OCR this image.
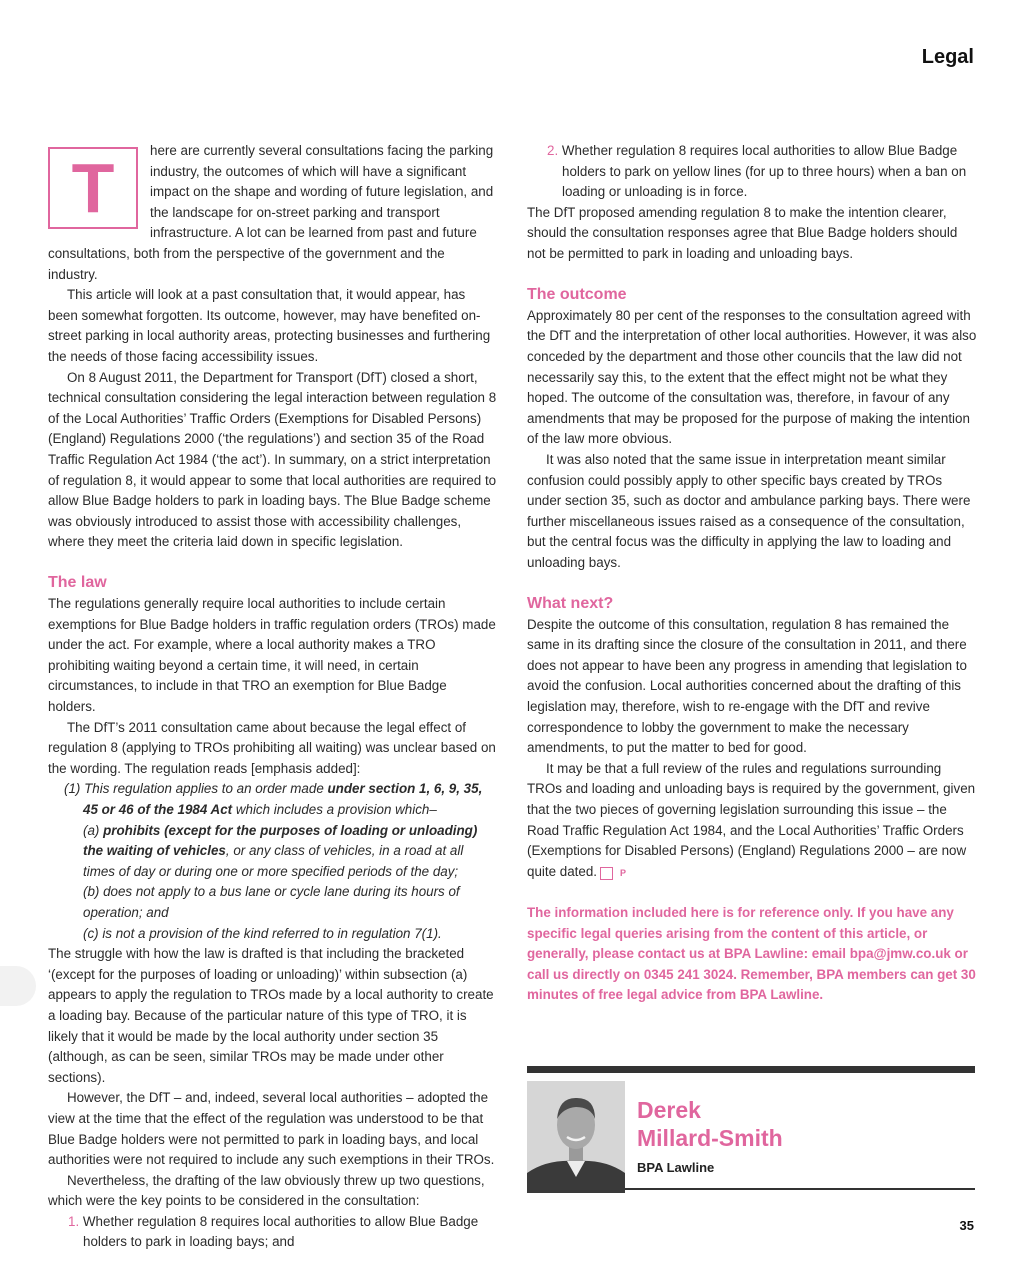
Legal
T	here are currently several consultations facing the parking industry, the outcomes of which will have a significant impact on the shape and wording of future legislation, and the landscape for on-street parking and transport infrastructure. A lot can be learned from past and future consultations, both from the perspective of the government and the industry.

This article will look at a past consultation that, it would appear, has been somewhat forgotten. Its outcome, however, may have benefited on-street parking in local authority areas, protecting businesses and furthering the needs of those facing accessibility issues.

On 8 August 2011, the Department for Transport (DfT) closed a short, technical consultation considering the legal interaction between regulation 8 of the Local Authorities’ Traffic Orders (Exemptions for Disabled Persons) (England) Regulations 2000 (‘the regulations’) and section 35 of the Road Traffic Regulation Act 1984 (‘the act’). In summary, on a strict interpretation of regulation 8, it would appear to some that local authorities are required to allow Blue Badge holders to park in loading bays. The Blue Badge scheme was obviously introduced to assist those with accessibility challenges, where they meet the criteria laid down in specific legislation.

The law

The regulations generally require local authorities to include certain exemptions for Blue Badge holders in traffic regulation orders (TROs) made under the act. For example, where a local authority makes a TRO prohibiting waiting beyond a certain time, it will need, in certain circumstances, to include in that TRO an exemption for Blue Badge holders.

The DfT’s 2011 consultation came about because the legal effect of regulation 8 (applying to TROs prohibiting all waiting) was unclear based on the wording. The regulation reads [emphasis added]:

(1) This regulation applies to an order made under section 1, 6, 9, 35, 45 or 46 of the 1984 Act which includes a provision which–

(a) prohibits (except for the purposes of loading or unloading) the waiting of vehicles, or any class of vehicles, in a road at all times of day or during one or more specified periods of the day;

(b) does not apply to a bus lane or cycle lane during its hours of operation; and

(c) is not a provision of the kind referred to in regulation 7(1).

The struggle with how the law is drafted is that including the bracketed ‘(except for the purposes of loading or unloading)’ within subsection (a) appears to apply the regulation to TROs made by a local authority to create a loading bay. Because of the particular nature of this type of TRO, it is likely that it would be made by the local authority under section 35 (although, as can be seen, similar TROs may be made under other sections).

However, the DfT – and, indeed, several local authorities – adopted the view at the time that the effect of the regulation was understood to be that Blue Badge holders were not permitted to park in loading bays, and local authorities were not required to include any such exemptions in their TROs.

Nevertheless, the drafting of the law obviously threw up two questions, which were the key points to be considered in the consultation:

1. Whether regulation 8 requires local authorities to allow Blue Badge holders to park in loading bays; and

2. Whether regulation 8 requires local authorities to allow Blue Badge holders to park on yellow lines (for up to three hours) when a ban on loading or unloading is in force.

The DfT proposed amending regulation 8 to make the intention clearer, should the consultation responses agree that Blue Badge holders should not be permitted to park in loading and unloading bays.

The outcome

Approximately 80 per cent of the responses to the consultation agreed with the DfT and the interpretation of other local authorities. However, it was also conceded by the department and those other councils that the law did not necessarily say this, to the extent that the effect might not be what they hoped. The outcome of the consultation was, therefore, in favour of any amendments that may be proposed for the purpose of making the intention of the law more obvious.

It was also noted that the same issue in interpretation meant similar confusion could possibly apply to other specific bays created by TROs under section 35, such as doctor and ambulance parking bays. There were further miscellaneous issues raised as a consequence of the consultation, but the central focus was the difficulty in applying the law to loading and unloading bays.

What next?

Despite the outcome of this consultation, regulation 8 has remained the same in its drafting since the closure of the consultation in 2011, and there does not appear to have been any progress in amending that legislation to avoid the confusion. Local authorities concerned about the drafting of this legislation may, therefore, wish to re-engage with the DfT and revive correspondence to lobby the government to make the necessary amendments, to put the matter to bed for good.

It may be that a full review of the rules and regulations surrounding TROs and loading and unloading bays is required by the government, given that the two pieces of governing legislation surrounding this issue – the Road Traffic Regulation Act 1984, and the Local Authorities’ Traffic Orders (Exemptions for Disabled Persons) (England) Regulations 2000 – are now quite dated.	P

The information included here is for reference only. If you have any specific legal queries arising from the content of this article, or generally, please contact us at BPA Lawline: email bpa@jmw.co.uk or call us directly on 0345 241 3024. Remember, BPA members can get 30 minutes of free legal advice from BPA Lawline.

Derek
Millard-Smith
BPA Lawline
35
